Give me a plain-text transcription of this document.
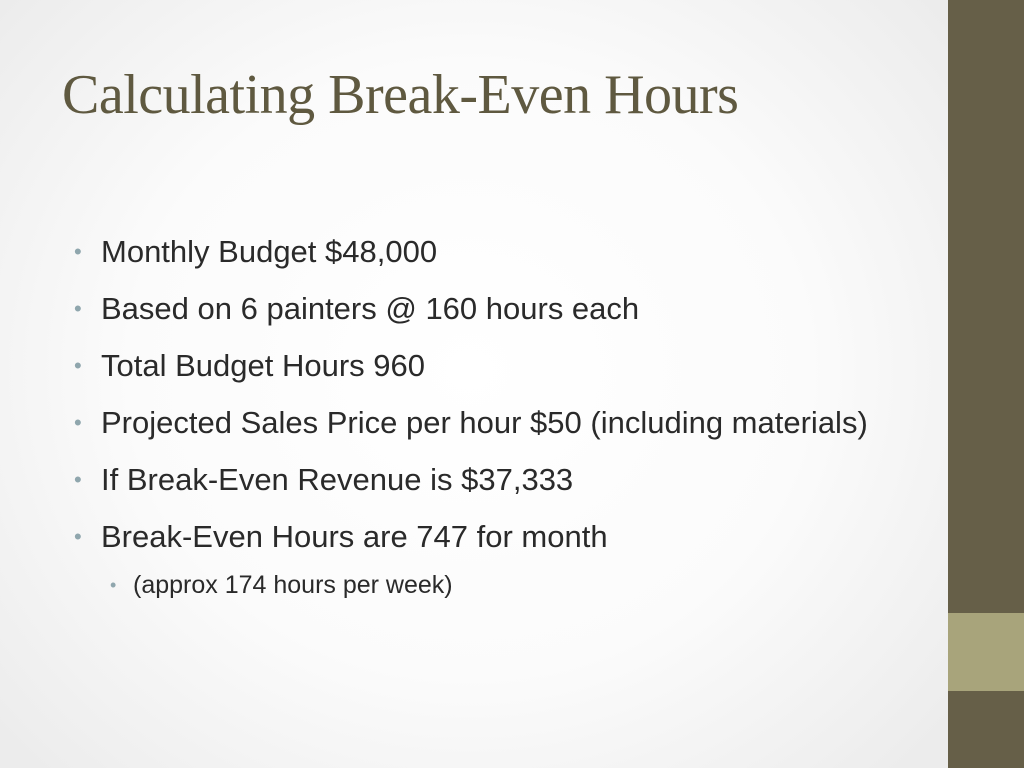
Calculating Break-Even Hours
• Monthly Budget $48,000
• Based on 6 painters @ 160 hours each
• Total Budget Hours 960
• Projected Sales Price per hour $50 (including materials)
• If Break-Even Revenue is $37,333
• Break-Even Hours are 747 for month
• (approx 174 hours per week)
